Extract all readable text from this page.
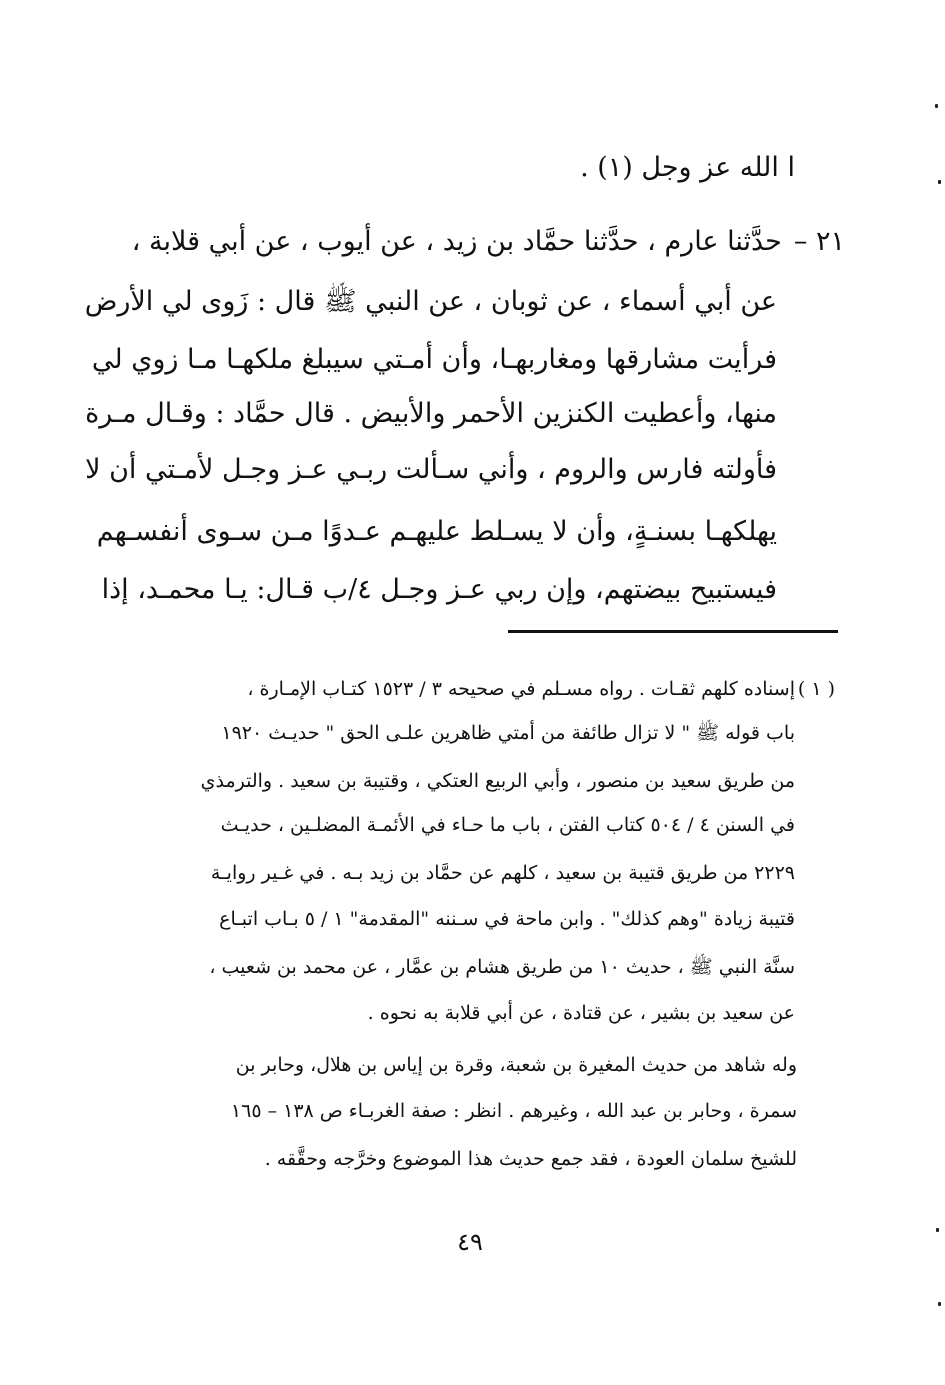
ا الله عز وجل (١) .
٢١ –حدَّثنا عارم ، حدَّثنا حمَّاد بن زيد ، عن أيوب ، عن أبي قلابة ،
عن أبي أسماء ، عن ثوبان ، عن النبي ﷺ قال : زَوى لي الأرض
فرأيت مشارقها ومغاربهـا، وأن أمـتي سيبلغ ملكهـا مـا زوي لي
منها، وأعطيت الكنزين الأحمر والأبيض . قال حمَّاد : وقـال مـرة
فأولته فارس والروم ، وأني سـألت ربـي عـز وجـل لأمـتي أن لا
يهلكهـا بسنـةٍ، وأن لا يسـلط عليهـم عـدوًا مـن سـوى أنفسـهم
فيستبيح بيضتهم، وإن ربي عـز وجـل ٤/ب قـال: يـا محمـد، إذا
( ١ )
إسناده كلهم ثقـات . رواه مسـلم في صحيحه ٣ / ١٥٢٣ كتـاب الإمـارة ،
باب قوله ﷺ " لا تزال طائفة من أمتي ظاهرين علـى الحق " حديـث ١٩٢٠
من طريق سعيد بن منصور ، وأبي الربيع العتكي ، وقتيبة بن سعيد . والترمذي
في السنن ٤ / ٥٠٤ كتاب الفتن ، باب ما حـاء في الأئمـة المضلـين ، حديـث
٢٢٢٩ من طريق قتيبة بن سعيد ، كلهم عن حمَّاد بن زيد بـه . في غـير روايـة
قتيبة زيادة "وهم كذلك" . وابن ماحة في سـننه "المقدمة" ١ / ٥ بـاب اتبـاع
سنَّة النبي ﷺ ، حديث ١٠ من طريق هشام بن عمَّار ، عن محمد بن شعيب ،
عن سعيد بن بشير ، عن قتادة ، عن أبي قلابة به نحوه .
وله شاهد من حديث المغيرة بن شعبة، وقرة بن إياس بن هلال، وحابر بن
سمرة ، وحابر بن عبد الله ، وغيرهم . انظر : صفة الغربـاء ص ١٣٨ – ١٦٥
للشيخ سلمان العودة ، فقد جمع حديث هذا الموضوع وخرَّجه وحقَّقه .
٤٩
